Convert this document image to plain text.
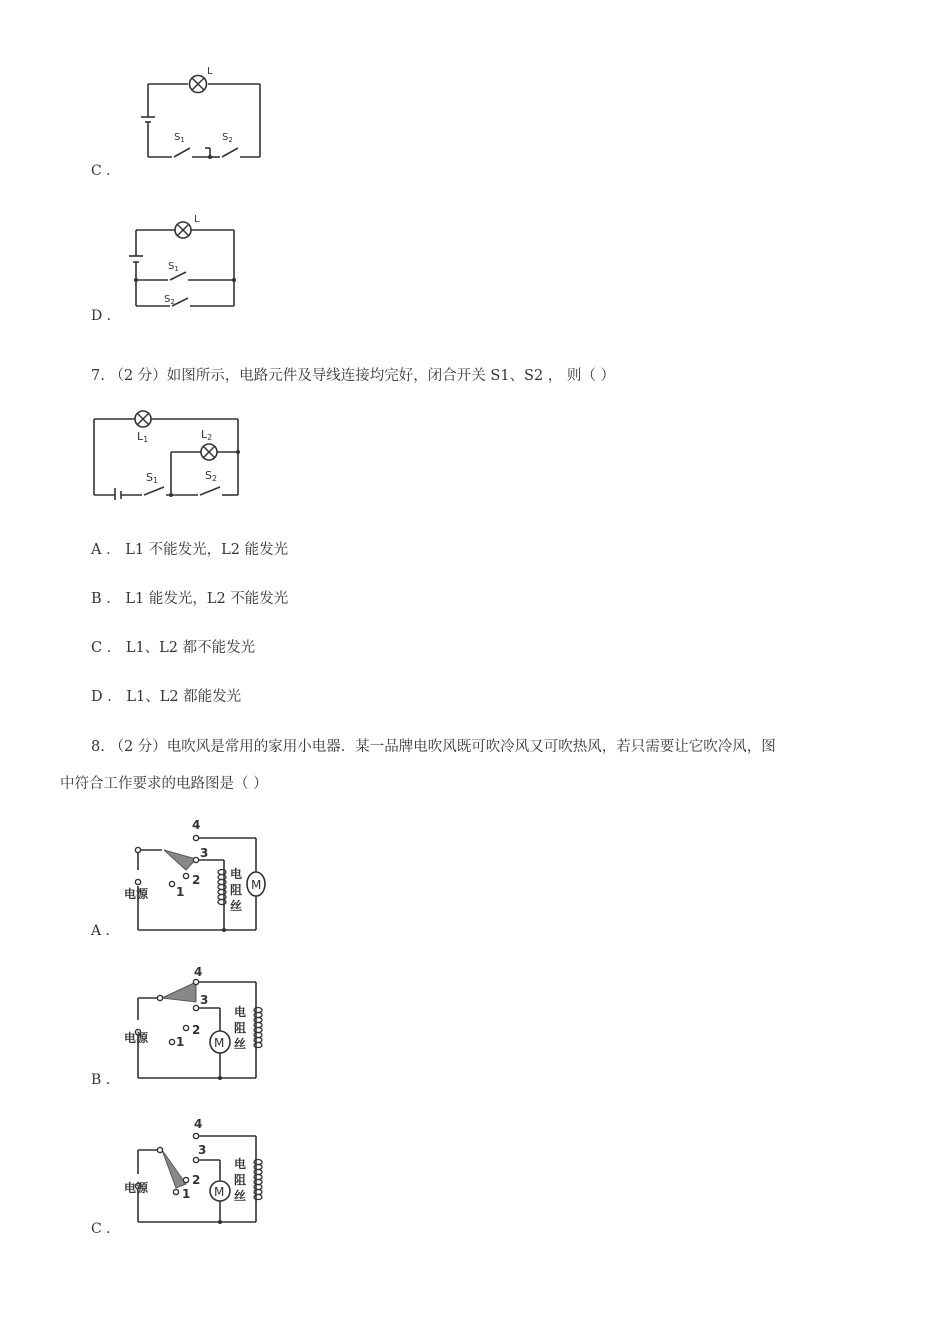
L
$S_1$	$S_2$
C ．
L
$S_1$
$S_2$
D ．
7. （2 分）如图所示，电路元件及导线连接均完好，闭合开关 S1、S2 ， 则（ ）
L1	L2
S1	S2
A ． L1 不能发光，L2 能发光
B ． L1 能发光，L2 不能发光
C ． L1、L2 都不能发光
D ． L1、L2 都能发光
8. （2 分）电吹风是常用的家用小电器．某一品牌电吹风既可吹冷风又可吹热风，若只需要让它吹冷风，图
中符合工作要求的电路图是（ ）
M
4
3
2
1
电源
电
阻
丝
A ．
M
4
3
2
1
电源
电
阻
丝
B ．
M
4
3
2
1
电源
电
阻
丝
C ．
